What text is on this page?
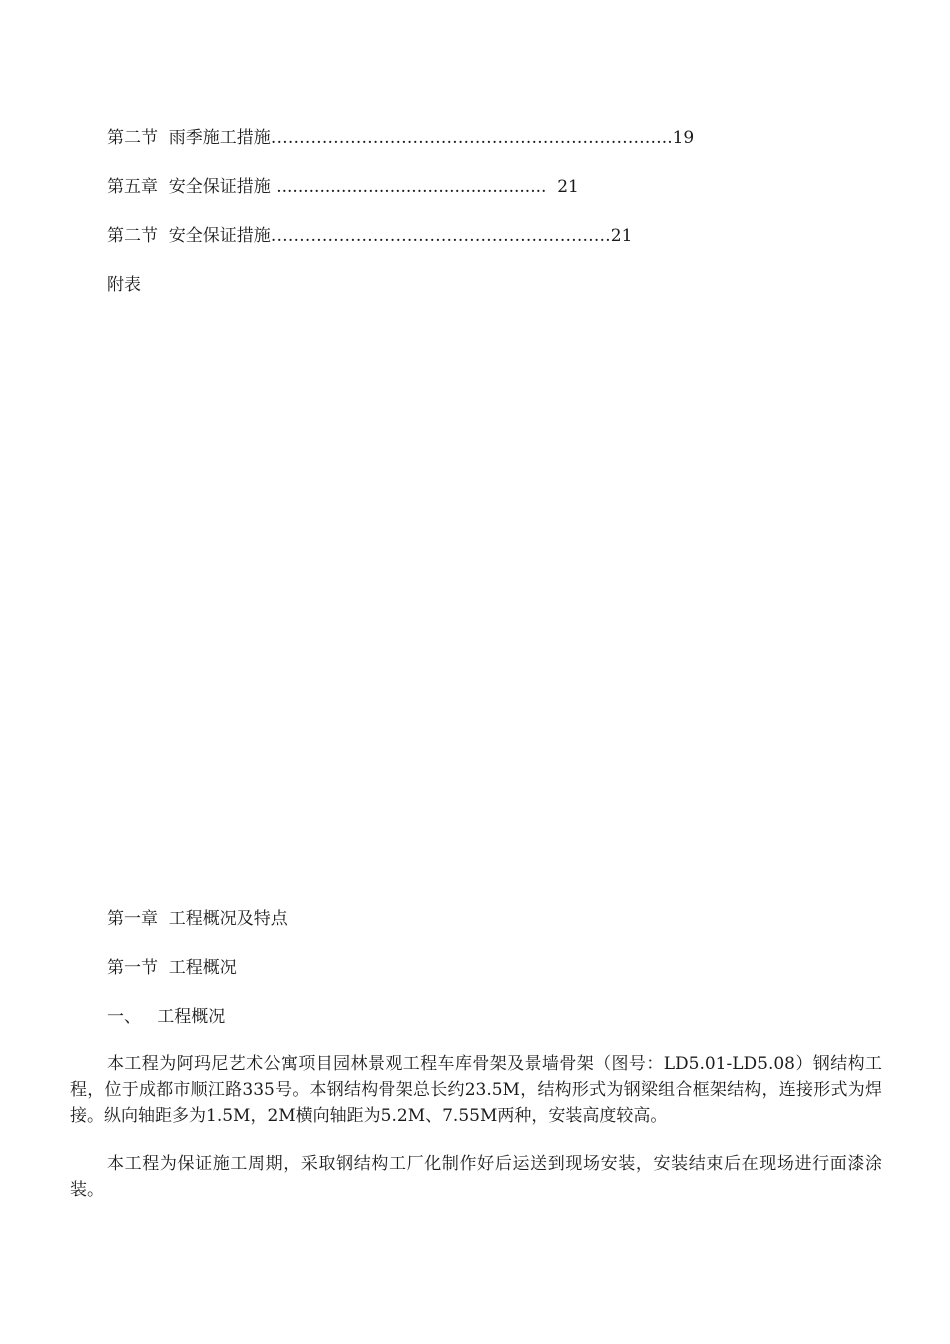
第二节  雨季施工措施……………………………………………………………..19
第五章  安全保证措施 ..................................................  21
第二节  安全保证措施……………………………………………………21
附表
第一章  工程概况及特点
第一节  工程概况
一、   工程概况

本工程为阿玛尼艺术公寓项目园林景观工程车库骨架及景墙骨架（图号：LD5.01-LD5.08）钢结构工程，位于成都市顺江路335号。本钢结构骨架总长约23.5M，结构形式为钢梁组合框架结构，连接形式为焊接。纵向轴距多为1.5M，2M横向轴距为5.2M、7.55M两种，安装高度较高。

本工程为保证施工周期，采取钢结构工厂化制作好后运送到现场安装，安装结束后在现场进行面漆涂装。
